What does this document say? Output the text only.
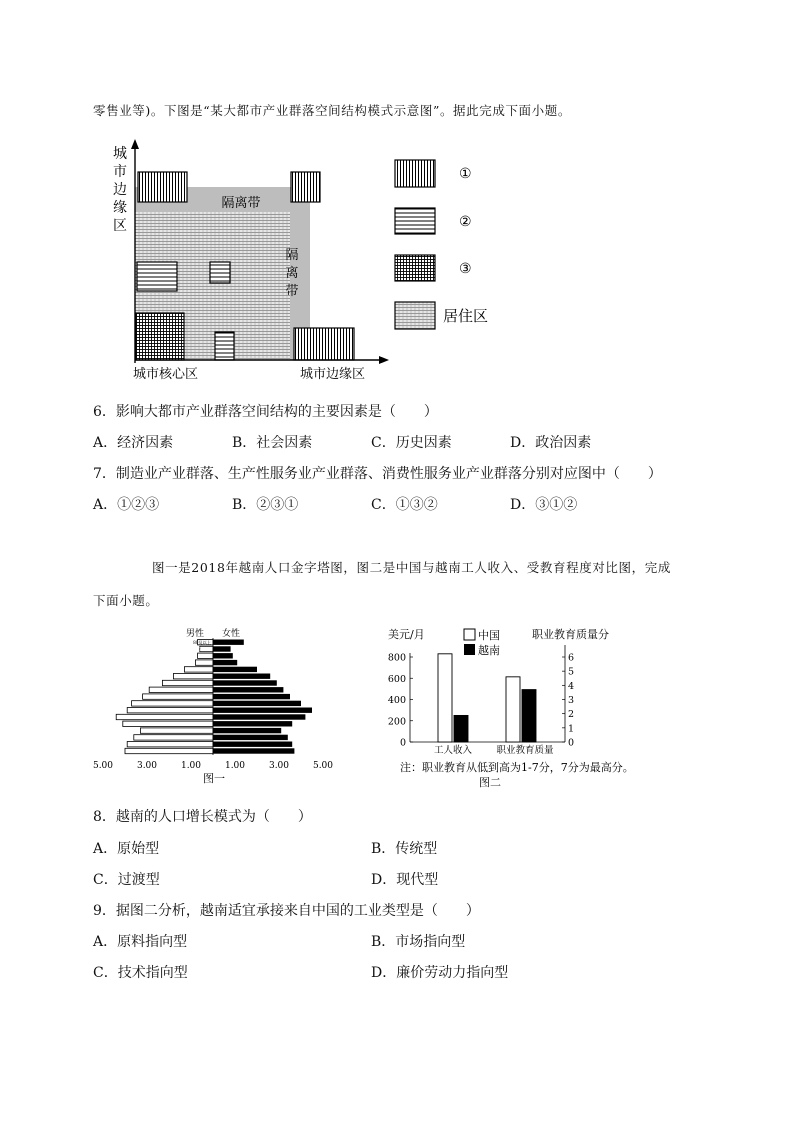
零售业等)。下图是“某大都市产业群落空间结构模式示意图”。据此完成下面小题。
城
市
边
缘
区
隔离带
隔
离
带
城市核心区	城市边缘区
①
②
③
居住区
6．影响大都市产业群落空间结构的主要因素是（　　）
A．经济因素	B．社会因素	C．历史因素	D．政治因素
7．制造业产业群落、生产性服务业产业群落、消费性服务业产业群落分别对应图中（　　）
A．①②③	B．②③①	C．①③②	D．③①②
图一是2018年越南人口金字塔图，图二是中国与越南工人收入、受教育程度对比图，完成
下面小题。
男性 女性
80及以上
75-79
70-74
65-69
60-64
55-59
50-54
45-49
40-44
35-39
30-34
25-29
20-24
15-19
10-14
5-9
0-4
5.00	3.00	1.00	1.00	3.00	5.00
图一
美元/月	职业教育质量分
中国
越南
0
200
400
600
800
0
1
2
3
4
5
6
工人收入	职业教育质量
注：职业教育从低到高为1-7分，7分为最高分。
图二
8．越南的人口增长模式为（　　）
A．原始型	B．传统型
C．过渡型	D．现代型
9．据图二分析，越南适宜承接来自中国的工业类型是（　　）
A．原料指向型	B．市场指向型
C．技术指向型	D．廉价劳动力指向型
